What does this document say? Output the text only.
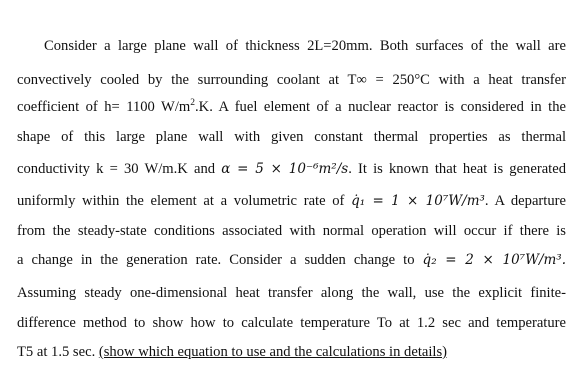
Consider a large plane wall of thickness 2L=20mm. Both surfaces of the wall are
convectively cooled by the surrounding coolant at T∞ = 250°C with a heat transfer
coefficient of h= 1100 $W/m^2.K$. A fuel element of a nuclear reactor is considered in the
shape of this large plane wall with given constant thermal properties as thermal
conductivity k = 30 W/m.K and α = 5 × 10⁻⁶m²/s. It is known that heat is generated
uniformly within the element at a volumetric rate of q̇₁ = 1 × 10⁷W/m³. A departure
from the steady-state conditions associated with normal operation will occur if there is
a change in the generation rate. Consider a sudden change to q̇₂ = 2 × 10⁷W/m³.
Assuming steady one-dimensional heat transfer along the wall, use the explicit finite-
difference method to show how to calculate temperature To at 1.2 sec and temperature
T5 at 1.5 sec. (show which equation to use and the calculations in details)
